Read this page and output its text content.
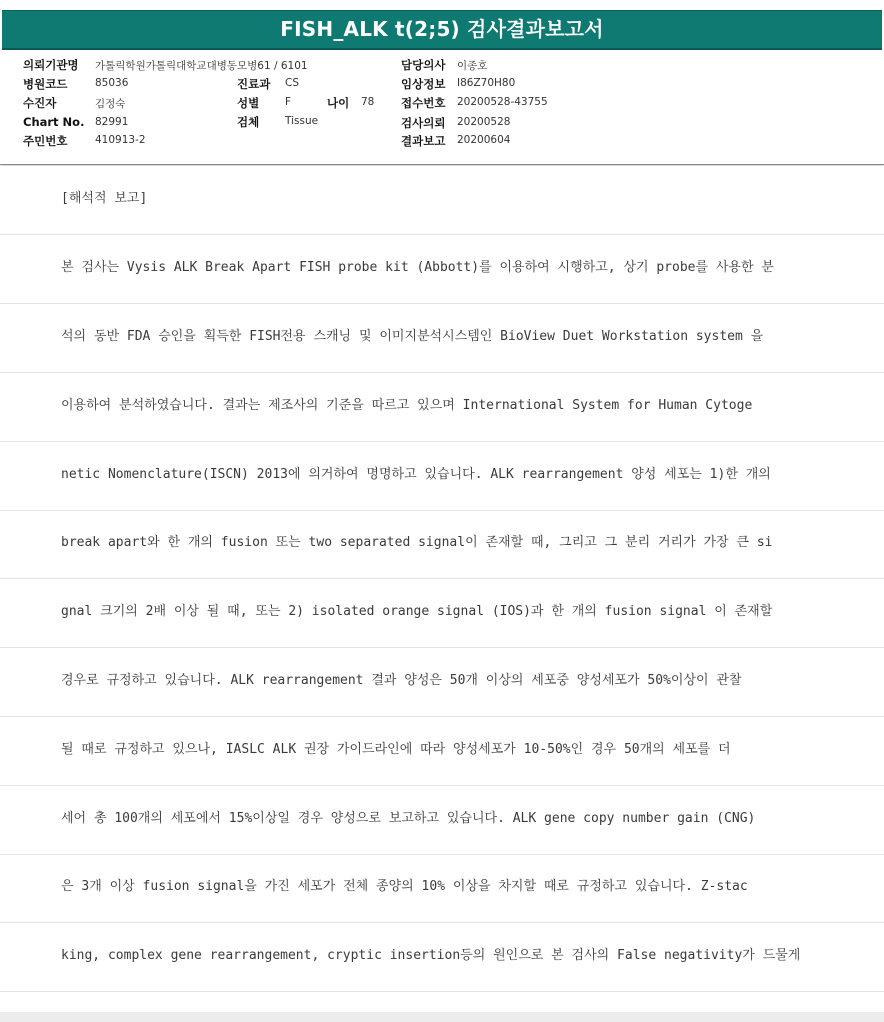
FISH_ALK t(2;5) 검사결과보고서
의뢰기관명 가톨릭학원가톨릭대학교대병동모병61 / 6101
병원코드	85036
수진자	김정숙
Chart No. 82991
주민번호	410913-2
진료과 CS
성별 F	나이 78
검체 Tissue
담당의사 이종호
임상정보 I86Z70H80
접수번호 20200528-43755
검사의뢰 20200528
결과보고 20200604
[해석적 보고]
본 검사는 Vysis ALK Break Apart FISH probe kit (Abbott)를 이용하여 시행하고, 상기 probe를 사용한 분
석의 동반 FDA 승인을 획득한 FISH전용 스캐닝 및 이미지분석시스템인 BioView Duet Workstation system 을
이용하여 분석하였습니다. 결과는 제조사의 기준을 따르고 있으며 International System for Human Cytoge
netic Nomenclature(ISCN) 2013에 의거하여 명명하고 있습니다. ALK rearrangement 양성 세포는 1)한 개의
break apart와 한 개의 fusion 또는 two separated signal이 존재할 때, 그리고 그 분리 거리가 가장 큰 si
gnal 크기의 2배 이상 될 때, 또는 2) isolated orange signal (IOS)과 한 개의 fusion signal 이 존재할
경우로 규정하고 있습니다. ALK rearrangement 결과 양성은 50개 이상의 세포중 양성세포가 50%이상이 관찰
될 때로 규정하고 있으나, IASLC ALK 권장 가이드라인에 따라 양성세포가 10-50%인 경우 50개의 세포를 더
세어 총 100개의 세포에서 15%이상일 경우 양성으로 보고하고 있습니다. ALK gene copy number gain (CNG)
은 3개 이상 fusion signal을 가진 세포가 전체 종양의 10% 이상을 차지할 때로 규정하고 있습니다. Z-stac
king, complex gene rearrangement, cryptic insertion등의 원인으로 본 검사의 False negativity가 드물게
